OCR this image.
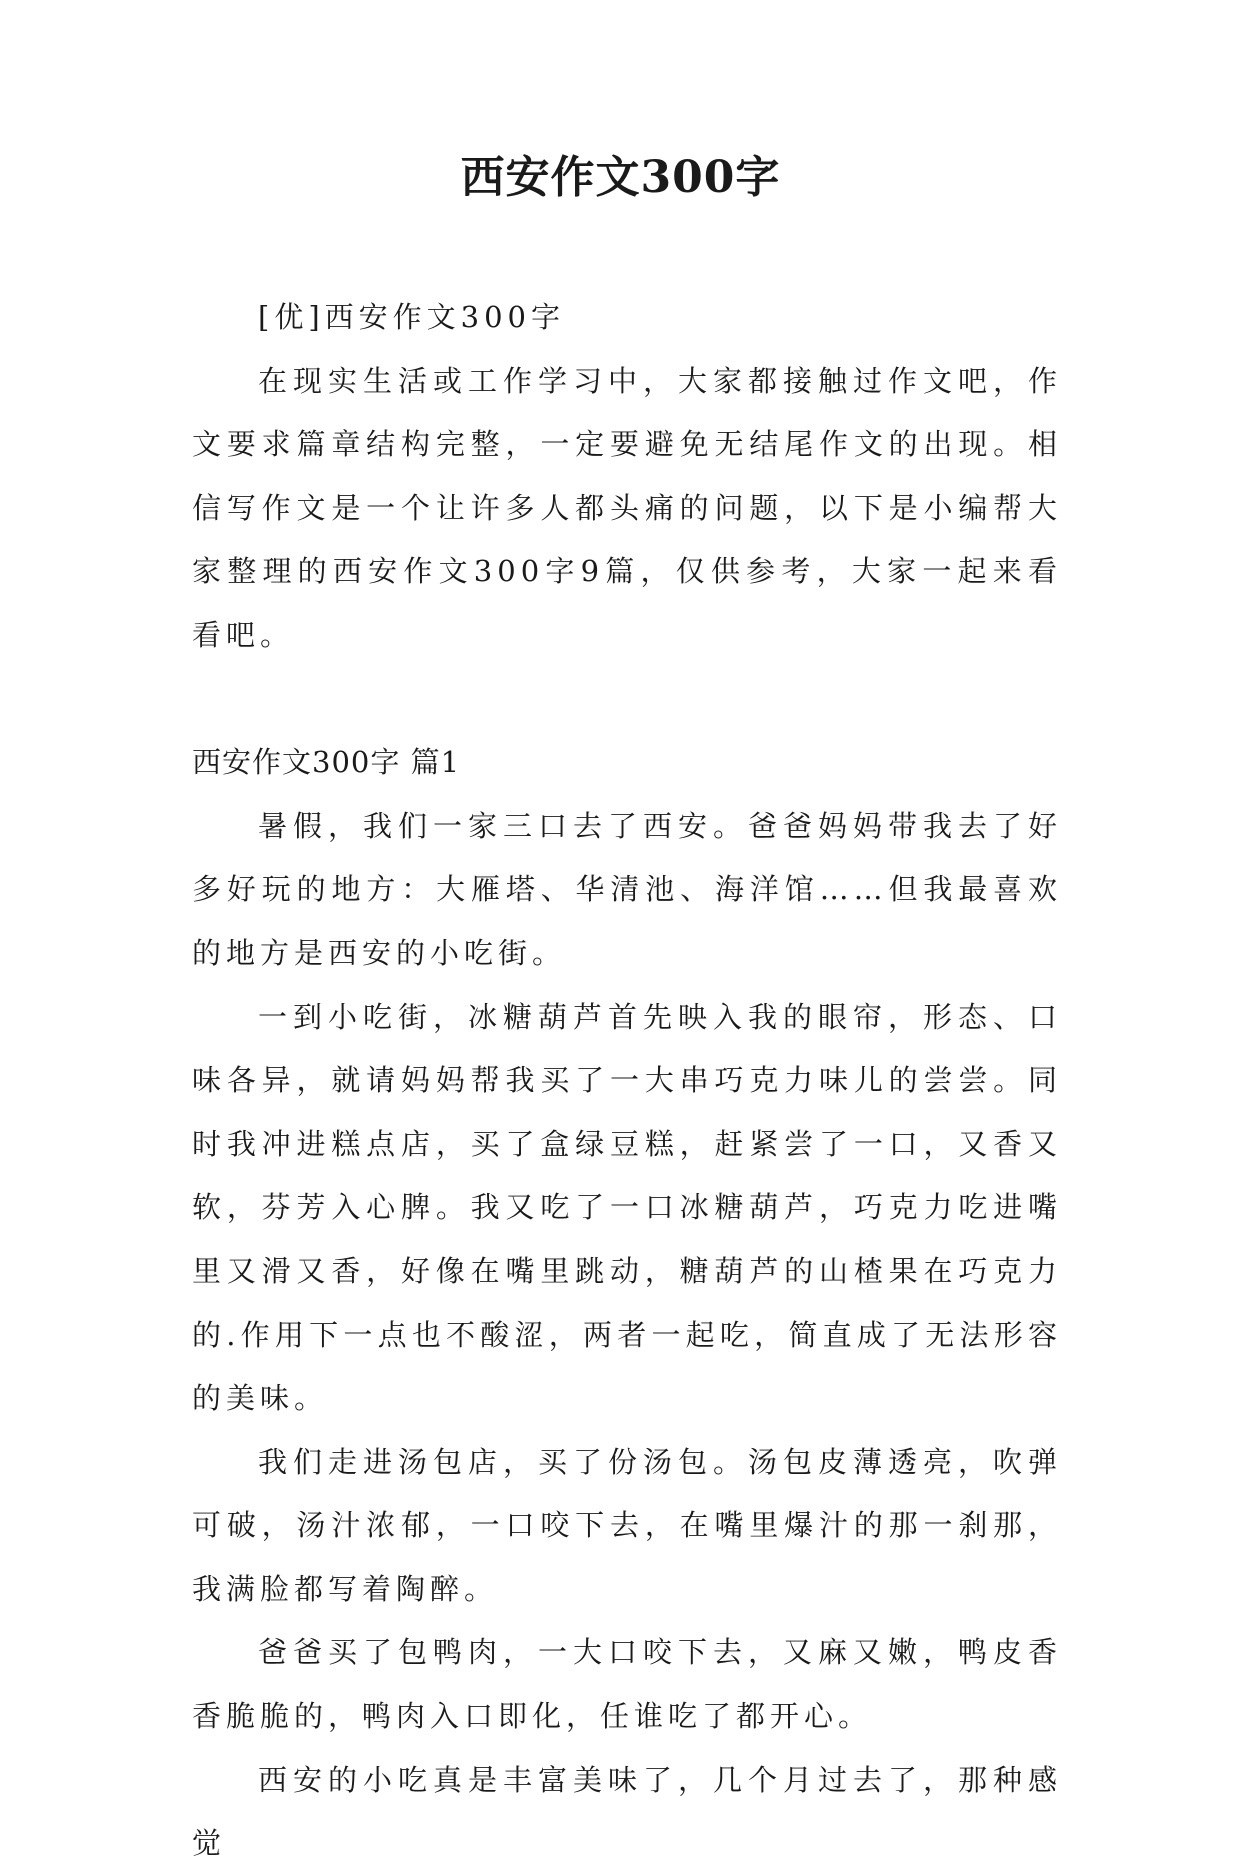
西安作文300字

[优]西安作文300字

在现实生活或工作学习中，大家都接触过作文吧，作文要求篇章结构完整，一定要避免无结尾作文的出现。相信写作文是一个让许多人都头痛的问题，以下是小编帮大家整理的西安作文300字9篇，仅供参考，大家一起来看看吧。

西安作文300字 篇1

暑假，我们一家三口去了西安。爸爸妈妈带我去了好多好玩的地方：大雁塔、华清池、海洋馆……但我最喜欢的地方是西安的小吃街。

一到小吃街，冰糖葫芦首先映入我的眼帘，形态、口味各异，就请妈妈帮我买了一大串巧克力味儿的尝尝。同时我冲进糕点店，买了盒绿豆糕，赶紧尝了一口，又香又软，芬芳入心脾。我又吃了一口冰糖葫芦，巧克力吃进嘴里又滑又香，好像在嘴里跳动，糖葫芦的山楂果在巧克力的.作用下一点也不酸涩，两者一起吃，简直成了无法形容的美味。

我们走进汤包店，买了份汤包。汤包皮薄透亮，吹弹可破，汤汁浓郁，一口咬下去，在嘴里爆汁的那一刹那，我满脸都写着陶醉。

爸爸买了包鸭肉，一大口咬下去，又麻又嫩，鸭皮香香脆脆的，鸭肉入口即化，任谁吃了都开心。

西安的小吃真是丰富美味了，几个月过去了，那种感觉
